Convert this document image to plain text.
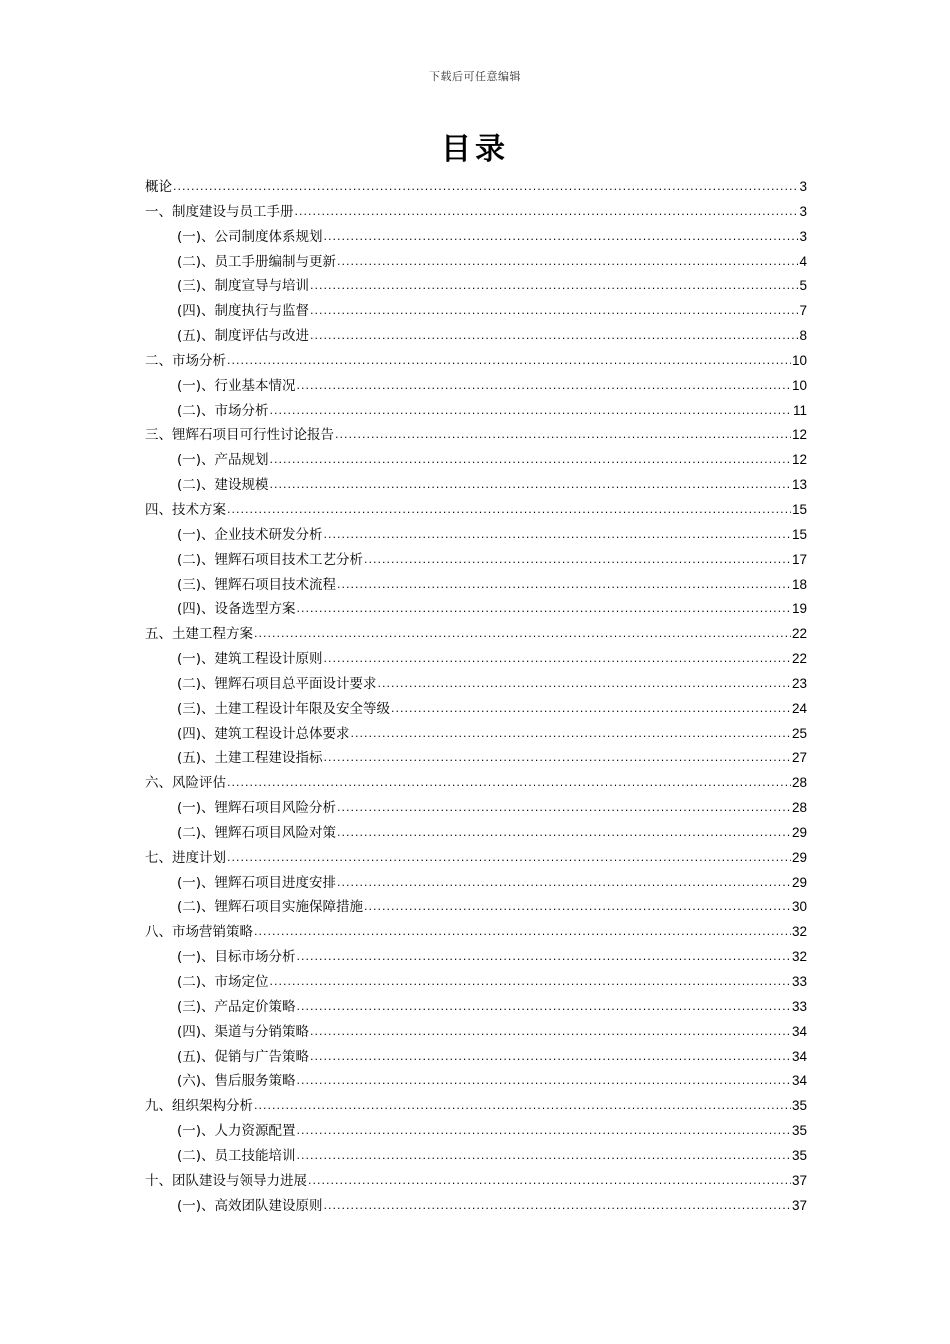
下载后可任意编辑
目录
概论 .....	3
一、制度建设与员工手册 .....	3
(一)、公司制度体系规划 .....	3
(二)、员工手册编制与更新 .....	4
(三)、制度宣导与培训 .....	5
(四)、制度执行与监督 .....	7
(五)、制度评估与改进 .....	8
二、市场分析 .....	10
(一)、行业基本情况 .....	10
(二)、市场分析 .....	11
三、锂辉石项目可行性讨论报告 .....	12
(一)、产品规划 .....	12
(二)、建设规模 .....	13
四、技术方案 .....	15
(一)、企业技术研发分析 .....	15
(二)、锂辉石项目技术工艺分析 .....	17
(三)、锂辉石项目技术流程 .....	18
(四)、设备选型方案 .....	19
五、土建工程方案 .....	22
(一)、建筑工程设计原则 .....	22
(二)、锂辉石项目总平面设计要求 .....	23
(三)、土建工程设计年限及安全等级 .....	24
(四)、建筑工程设计总体要求 .....	25
(五)、土建工程建设指标 .....	27
六、风险评估 .....	28
(一)、锂辉石项目风险分析 .....	28
(二)、锂辉石项目风险对策 .....	29
七、进度计划 .....	29
(一)、锂辉石项目进度安排 .....	29
(二)、锂辉石项目实施保障措施 .....	30
八、市场营销策略 .....	32
(一)、目标市场分析 .....	32
(二)、市场定位 .....	33
(三)、产品定价策略 .....	33
(四)、渠道与分销策略 .....	34
(五)、促销与广告策略 .....	34
(六)、售后服务策略 .....	34
九、组织架构分析 .....	35
(一)、人力资源配置 .....	35
(二)、员工技能培训 .....	35
十、团队建设与领导力进展 .....	37
(一)、高效团队建设原则 .....	37
